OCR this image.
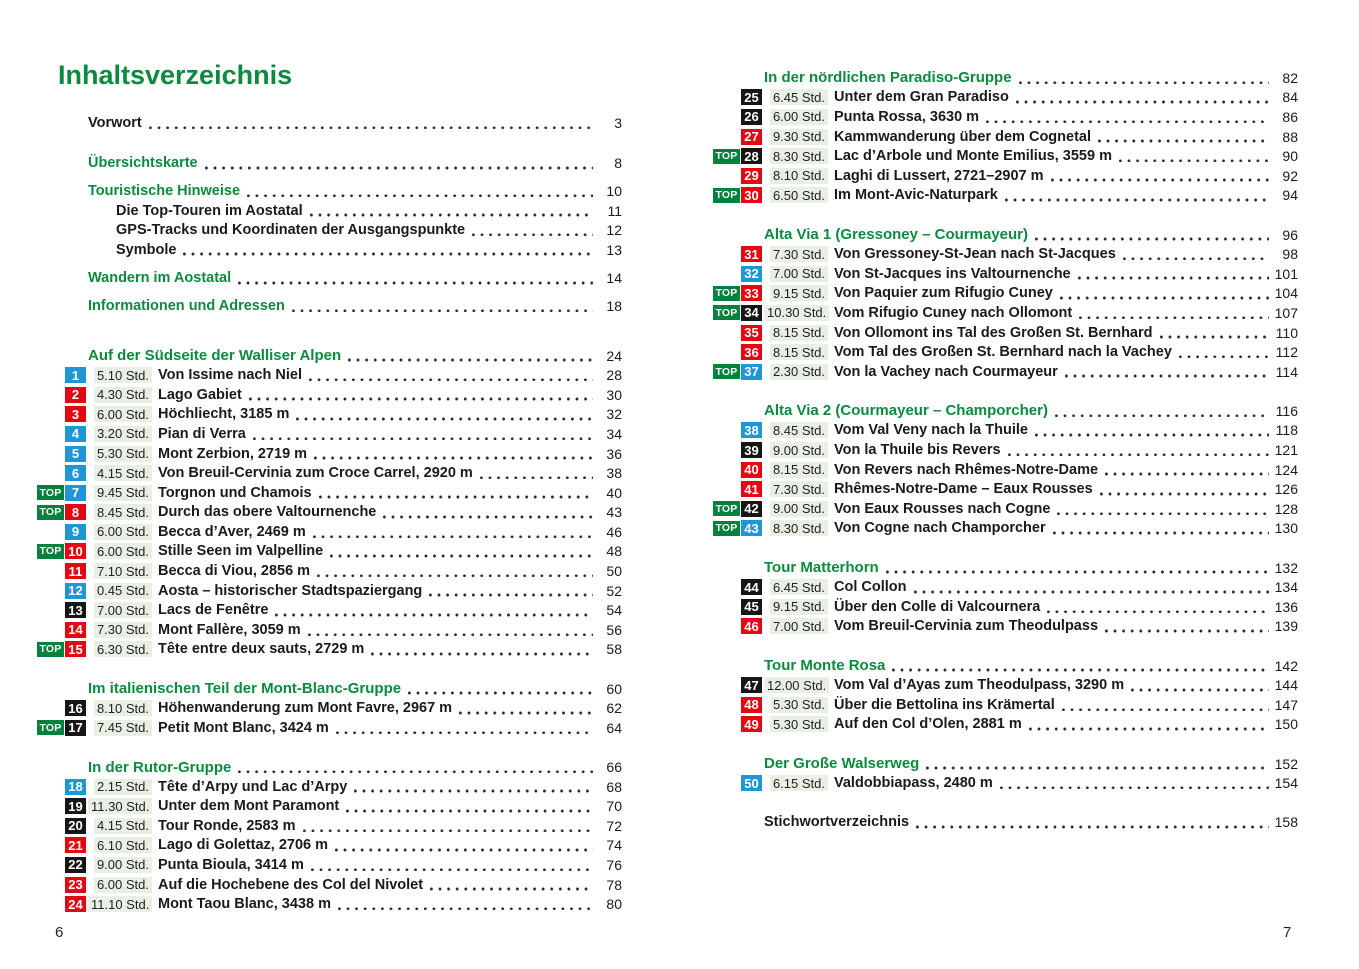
Inhaltsverzeichnis
Vorwort	3
Übersichtskarte	8
Touristische Hinweise	10
Die Top-Touren im Aostatal	11
GPS-Tracks und Koordinaten der Ausgangspunkte	12
Symbole	13
Wandern im Aostatal	14
Informationen und Adressen	18
Auf der Südseite der Walliser Alpen	24
1	5.10 Std. Von Issime nach Niel	28
2	4.30 Std. Lago Gabiet	30
3	6.00 Std. Höchliecht, 3185 m	32
4	3.20 Std. Pian di Verra	34
5	5.30 Std. Mont Zerbion, 2719 m	36
6	4.15 Std. Von Breuil-Cervinia zum Croce Carrel, 2920 m	38
TOP 7	9.45 Std. Torgnon und Chamois	40
TOP 8	8.45 Std. Durch das obere Valtournenche	43
9	6.00 Std. Becca d’Aver, 2469 m	46
TOP 10	6.00 Std. Stille Seen im Valpelline	48
11	7.10 Std. Becca di Viou, 2856 m	50
12	0.45 Std. Aosta – historischer Stadtspaziergang	52
13	7.00 Std. Lacs de Fenêtre	54
14	7.30 Std. Mont Fallère, 3059 m	56
TOP 15	6.30 Std. Tête entre deux sauts, 2729 m	58
Im italienischen Teil der Mont-Blanc-Gruppe	60
16	8.10 Std. Höhenwanderung zum Mont Favre, 2967 m	62
TOP 17	7.45 Std. Petit Mont Blanc, 3424 m	64
In der Rutor-Gruppe	66
18	2.15 Std. Tête d’Arpy und Lac d’Arpy	68
19 11.30 Std. Unter dem Mont Paramont	70
20	4.15 Std. Tour Ronde, 2583 m	72
21	6.10 Std. Lago di Golettaz, 2706 m	74
22	9.00 Std. Punta Bioula, 3414 m	76
23	6.00 Std. Auf die Hochebene des Col del Nivolet	78
24 11.10 Std. Mont Taou Blanc, 3438 m	80
In der nördlichen Paradiso-Gruppe	82
25	6.45 Std. Unter dem Gran Paradiso	84
26	6.00 Std. Punta Rossa, 3630 m	86
27	9.30 Std. Kammwanderung über dem Cognetal	88
TOP 28	8.30 Std. Lac d’Arbole und Monte Emilius, 3559 m	90
29	8.10 Std. Laghi di Lussert, 2721–2907 m	92
TOP 30	6.50 Std. Im Mont-Avic-Naturpark	94
Alta Via 1 (Gressoney – Courmayeur)	96
31	7.30 Std. Von Gressoney-St-Jean nach St-Jacques	98
32	7.00 Std. Von St-Jacques ins Valtournenche	101
TOP 33	9.15 Std. Von Paquier zum Rifugio Cuney	104
TOP 34 10.30 Std. Vom Rifugio Cuney nach Ollomont	107
35	8.15 Std. Von Ollomont ins Tal des Großen St. Bernhard	110
36	8.15 Std. Vom Tal des Großen St. Bernhard nach la Vachey	112
TOP 37	2.30 Std. Von la Vachey nach Courmayeur	114
Alta Via 2 (Courmayeur – Champorcher)	116
38	8.45 Std. Vom Val Veny nach la Thuile	118
39	9.00 Std. Von la Thuile bis Revers	121
40	8.15 Std. Von Revers nach Rhêmes-Notre-Dame	124
41	7.30 Std. Rhêmes-Notre-Dame – Eaux Rousses	126
TOP 42	9.00 Std. Von Eaux Rousses nach Cogne	128
TOP 43	8.30 Std. Von Cogne nach Champorcher	130
Tour Matterhorn	132
44	6.45 Std. Col Collon	134
45	9.15 Std. Über den Colle di Valcournera	136
46	7.00 Std. Vom Breuil-Cervinia zum Theodulpass	139
Tour Monte Rosa	142
47 12.00 Std. Vom Val d’Ayas zum Theodulpass, 3290 m	144
48	5.30 Std. Über die Bettolina ins Krämertal	147
49	5.30 Std. Auf den Col d’Olen, 2881 m	150
Der Große Walserweg	152
50	6.15 Std. Valdobbiapass, 2480 m	154
Stichwortverzeichnis	158
6	7
